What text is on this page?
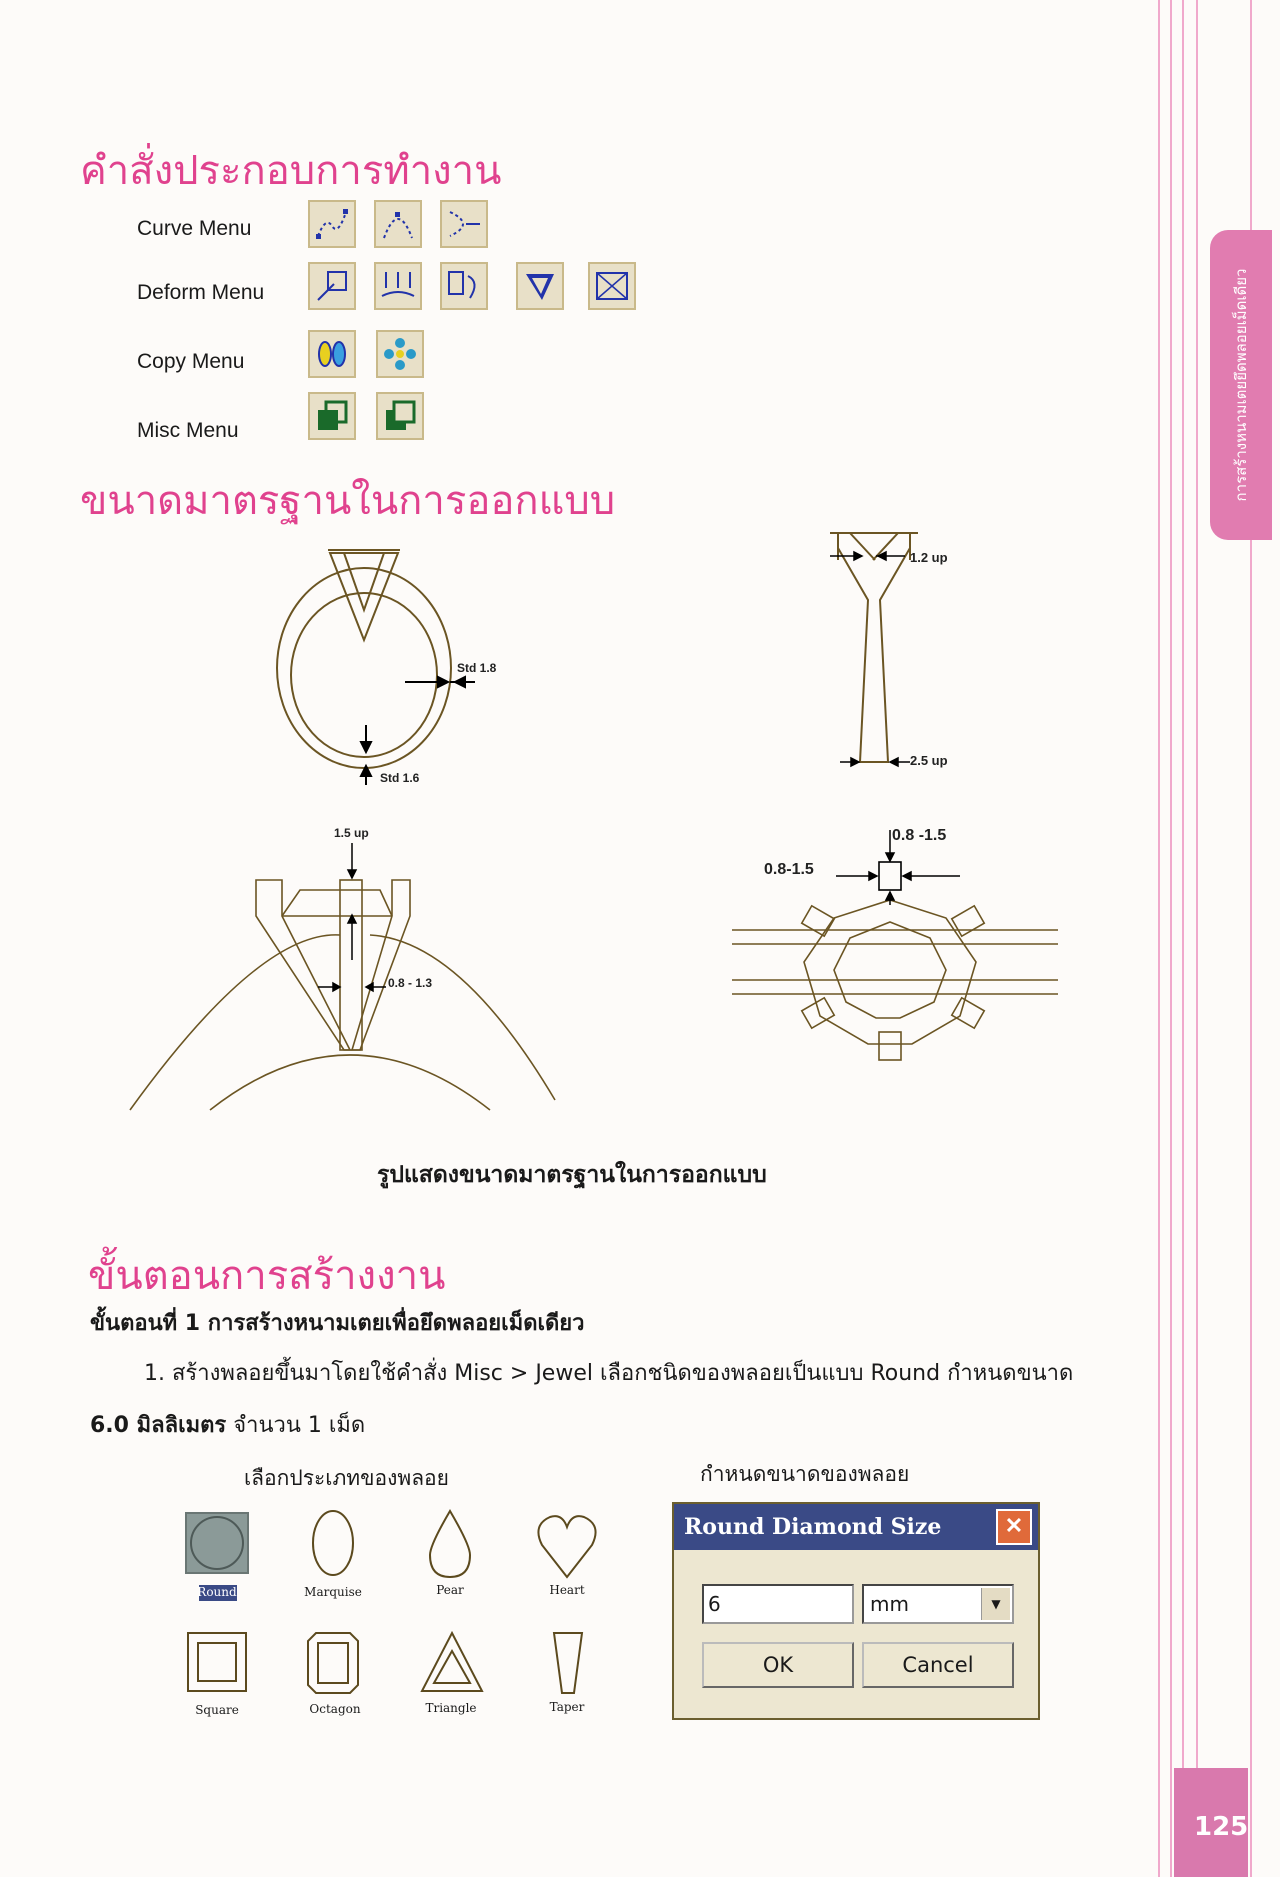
การสร้างหนามเตยยึดพลอยเม็ดเดียว
125
คำสั่งประกอบการทำงาน
Curve Menu
Deform Menu
Copy Menu
Misc Menu
ขนาดมาตรฐานในการออกแบบ
Std 1.8
Std 1.6
1.2 up
2.5 up
1.5 up
0.8 - 1.3
0.8 -1.5
0.8-1.5
รูปแสดงขนาดมาตรฐานในการออกแบบ
ขั้นตอนการสร้างงาน
ขั้นตอนที่ 1 การสร้างหนามเตยเพื่อยึดพลอยเม็ดเดียว
1. สร้างพลอยขึ้นมาโดยใช้คำสั่ง Misc > Jewel เลือกชนิดของพลอยเป็นแบบ Round กำหนดขนาด
6.0 มิลลิเมตร จำนวน 1 เม็ด
เลือกประเภทของพลอย	กำหนดขนาดของพลอย
Round	Marquise	Pear	Heart
Square	Octagon	Triangle	Taper
Round Diamond Size	✕
6	mm	▼
OK	Cancel
